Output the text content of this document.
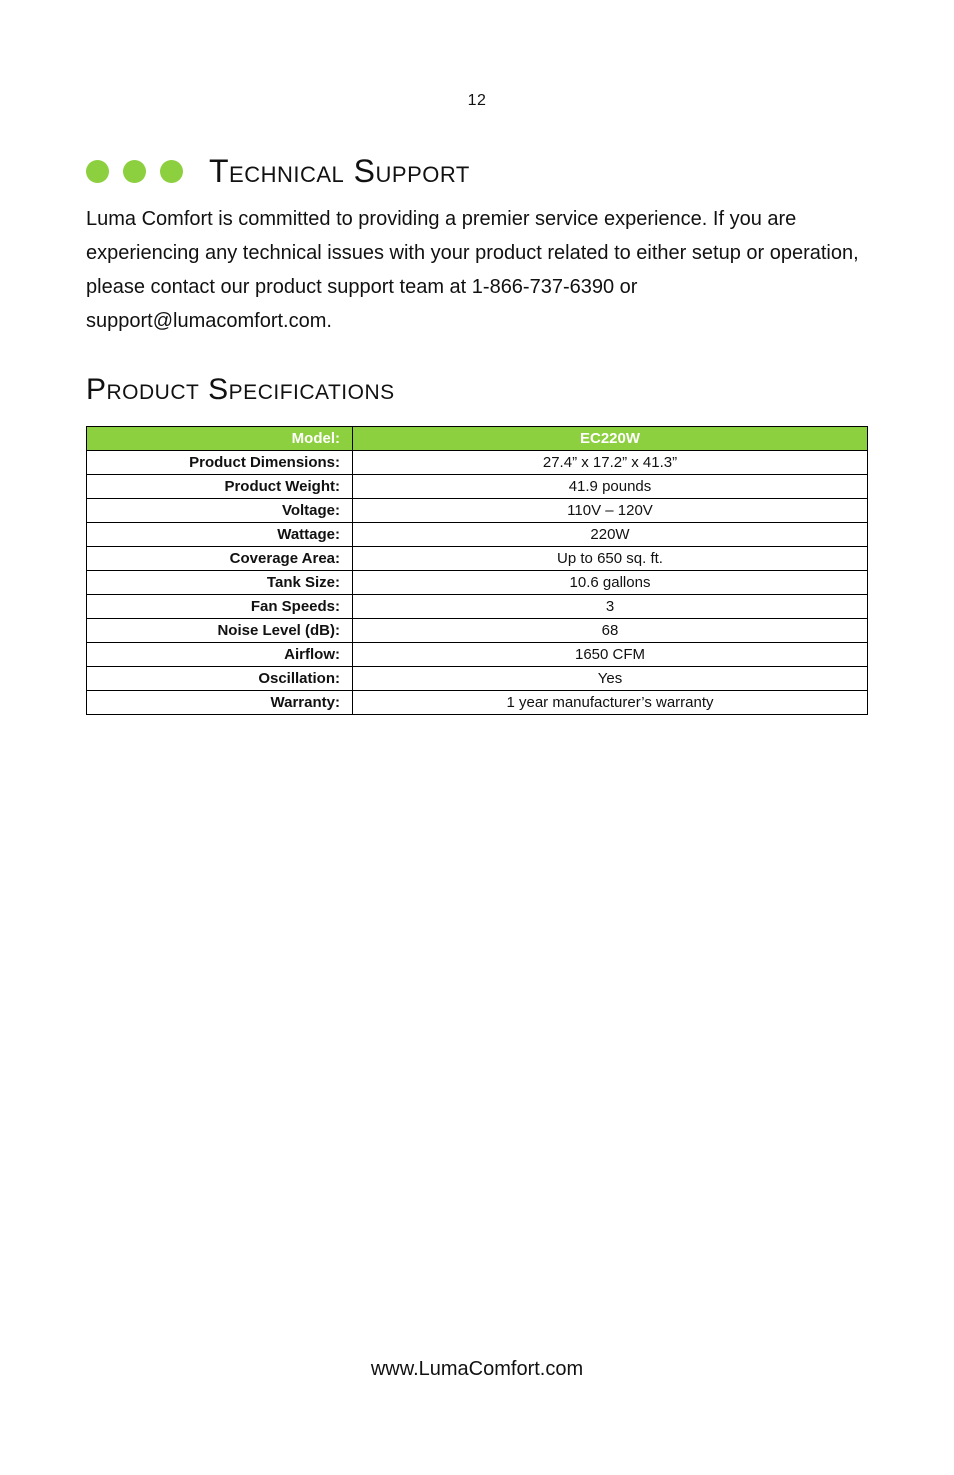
12
Technical Support

Luma Comfort is committed to providing a premier service experience. If you are experiencing any technical issues with your product related to either setup or operation, please contact our product support team at 1-866-737-6390 or support@lumacomfort.com.

Product Specifications
Model:	EC220W
Product Dimensions:	27.4” x 17.2” x 41.3”
Product Weight:	41.9 pounds
Voltage:	110V – 120V
Wattage:	220W
Coverage Area:	Up to 650 sq. ft.
Tank Size:	10.6 gallons
Fan Speeds:	3
Noise Level (dB):	68
Airflow:	1650 CFM
Oscillation:	Yes
Warranty:	1 year manufacturer’s warranty
www.LumaComfort.com
